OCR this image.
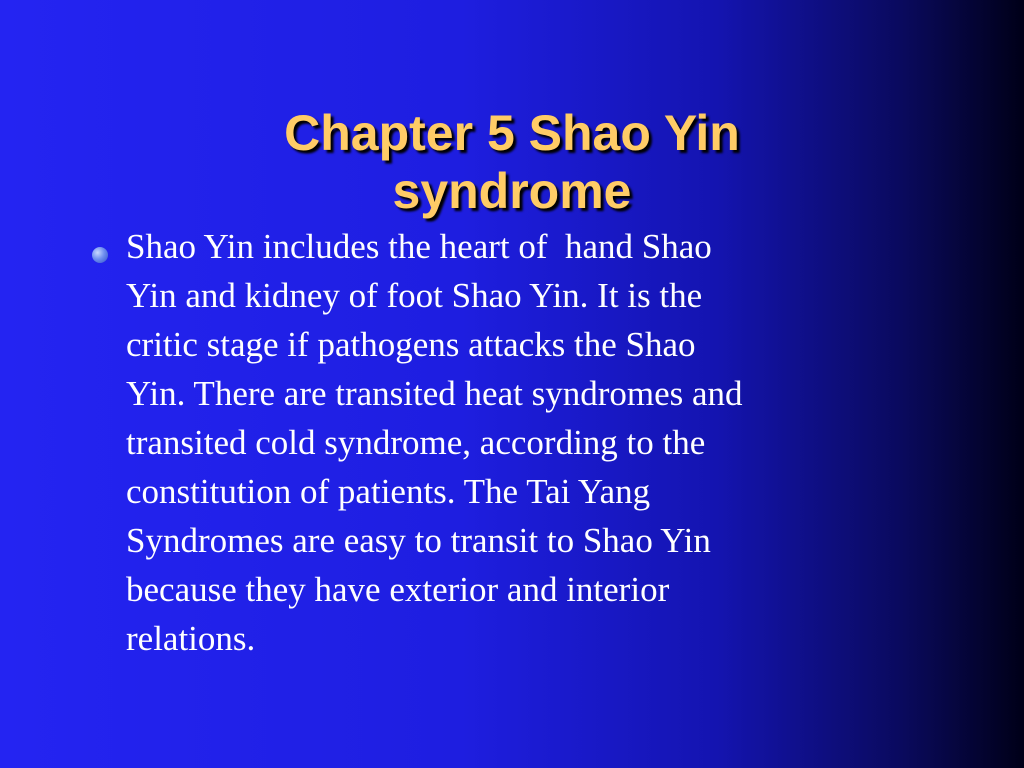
Chapter 5 Shao Yin
syndrome
Shao Yin includes the heart of  hand Shao
Yin and kidney of foot Shao Yin. It is the
critic stage if pathogens attacks the Shao
Yin. There are transited heat syndromes and
transited cold syndrome, according to the
constitution of patients. The Tai Yang
Syndromes are easy to transit to Shao Yin
because they have exterior and interior
relations.
